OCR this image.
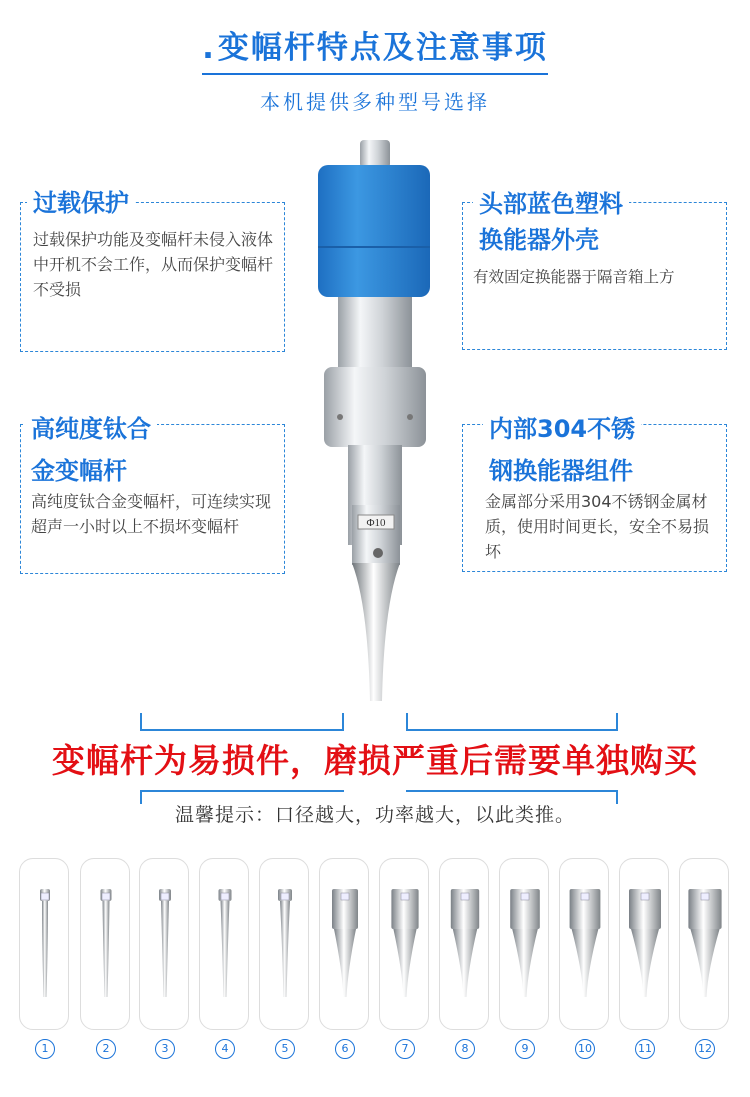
.变幅杆特点及注意事项
本机提供多种型号选择
过载保护
过载保护功能及变幅杆未侵入液体中开机不会工作，从而保护变幅杆不受损
头部蓝色塑料
换能器外壳
有效固定换能器于隔音箱上方
高纯度钛合
金变幅杆
高纯度钛合金变幅杆，可连续实现超声一小时以上不损坏变幅杆
内部304不锈
钢换能器组件
金属部分采用304不锈钢金属材质，使用时间更长，安全不易损坏
Φ10
变幅杆为易损件，磨损严重后需要单独购买
温馨提示：口径越大，功率越大，以此类推。
1	2	3	4	5	6	7	8	9	10	11	12
